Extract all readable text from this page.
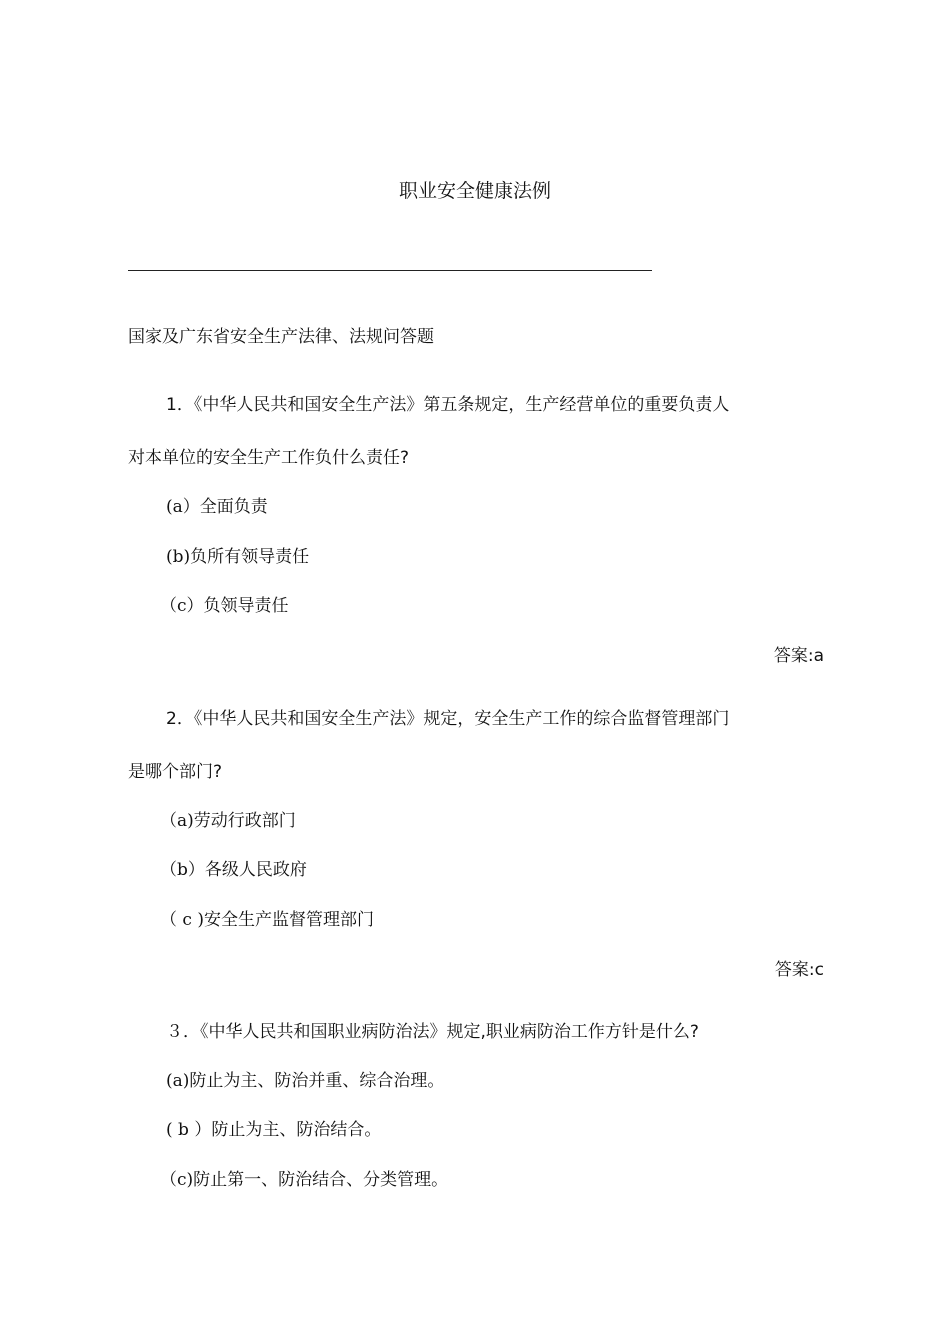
职业安全健康法例
国家及广东省安全生产法律、法规问答题
1．《中华人民共和国安全生产法》第五条规定，生产经营单位的重要负责人
对本单位的安全生产工作负什么责任?
(a）全面负责
(b)负所有领导责任
（c）负领导责任
答案:a
2．《中华人民共和国安全生产法》规定，安全生产工作的综合监督管理部门
是哪个部门?
（a)劳动行政部门
（b）各级人民政府
（ c )安全生产监督管理部门
答案:c
３．《中华人民共和国职业病防治法》规定,职业病防治工作方针是什么?
(a)防止为主、防治并重、综合治理。
( b ）防止为主、防治结合。
（c)防止第一、防治结合、分类管理。
